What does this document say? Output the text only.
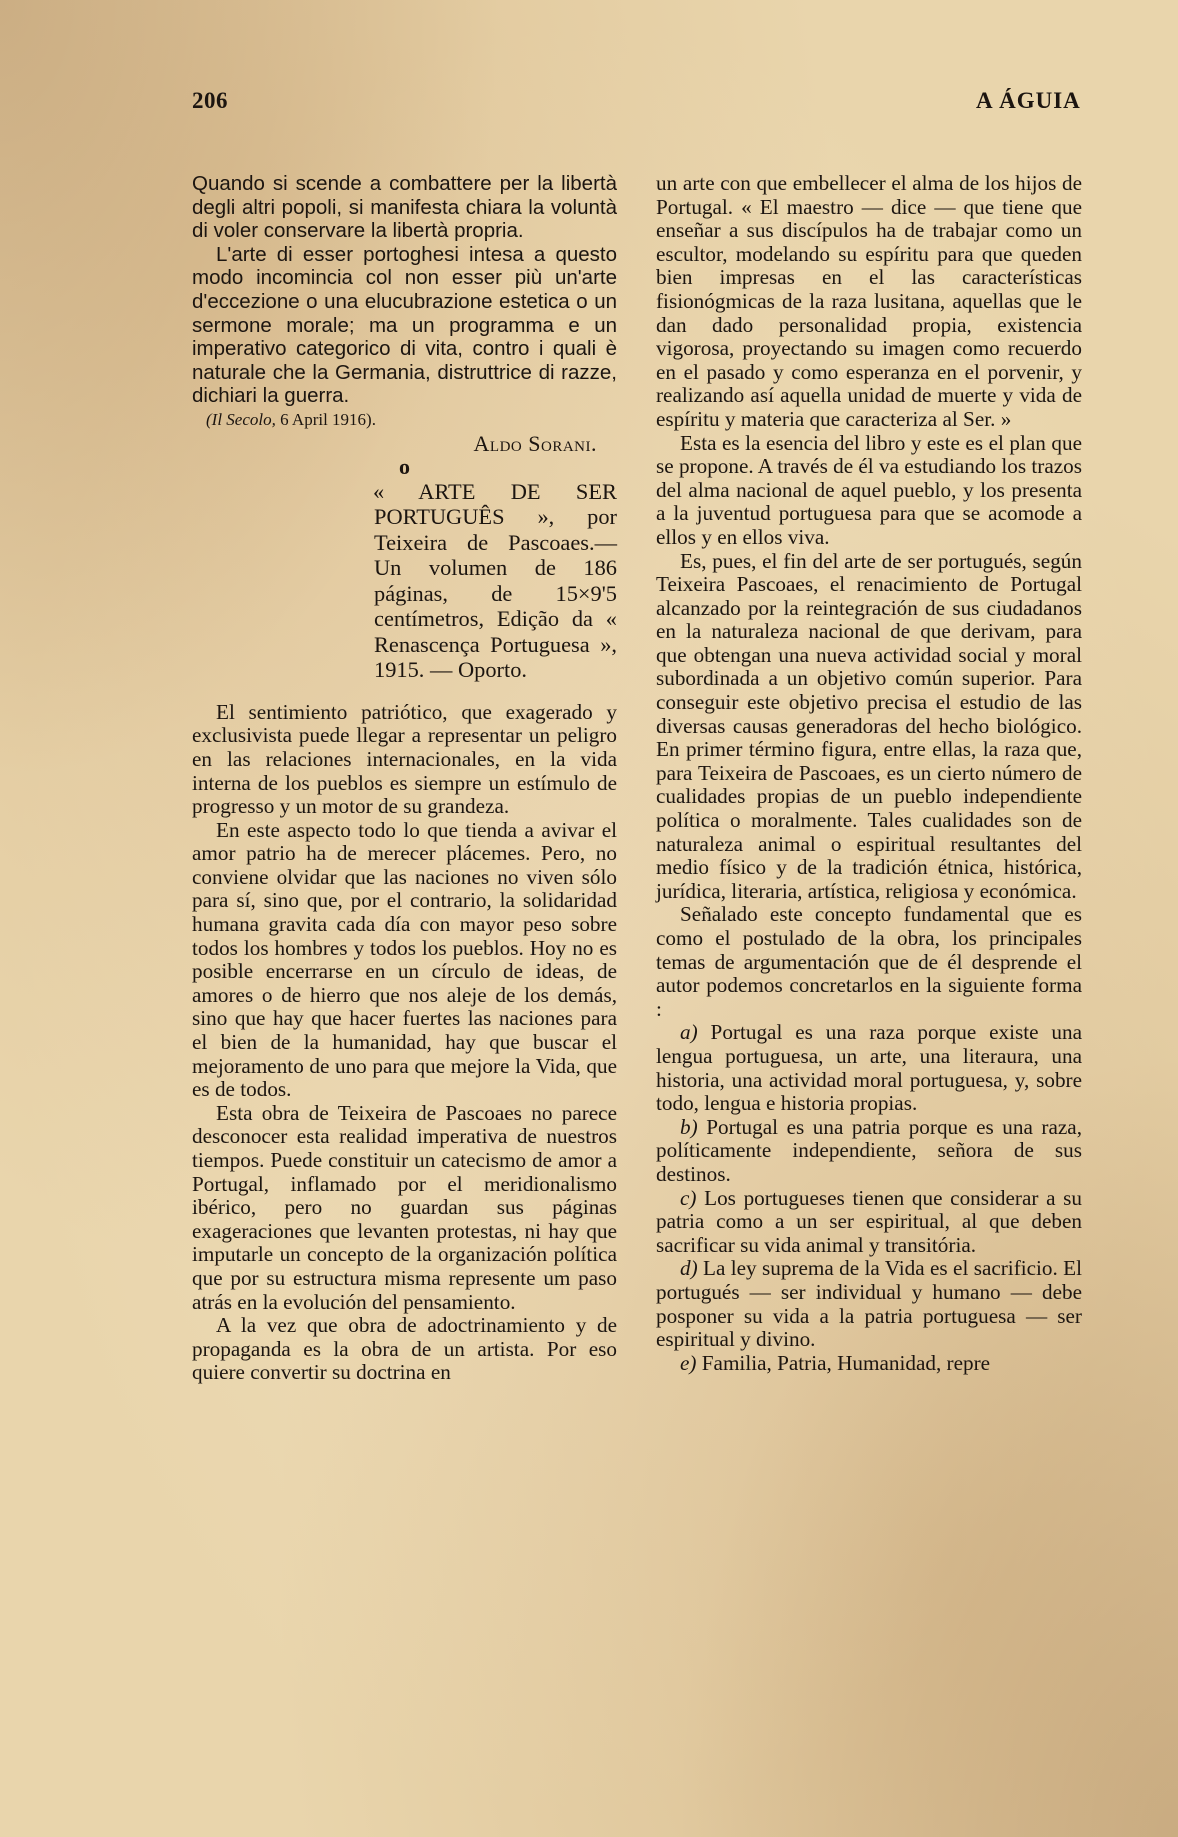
206	A ÁGUIA

Quando si scende a combattere per la libertà degli altri popoli, si manifesta chiara la voluntà di voler conservare la libertà propria.

L'arte di esser portoghesi intesa a questo modo incomincia col non esser più un'arte d'eccezione o una elucubrazione estetica o un sermone morale; ma un programma e un imperativo categorico di vita, contro i quali è naturale che la Germania, distruttrice di razze, dichiari la guerra.

(Il Secolo, 6 April 1916).

Aldo Sorani.

o

« ARTE DE SER PORTUGUÊS », por Teixeira de Pascoaes.— Un volumen de 186 páginas, de 15×9'5 centímetros, Edição da « Renascença Portuguesa », 1915. — Oporto.

El sentimiento patriótico, que exagerado y exclusivista puede llegar a representar un peligro en las relaciones internacionales, en la vida interna de los pueblos es siempre un estímulo de progresso y un motor de su grandeza.

En este aspecto todo lo que tienda a avivar el amor patrio ha de merecer plácemes. Pero, no conviene olvidar que las naciones no viven sólo para sí, sino que, por el contrario, la solidaridad humana gravita cada día con mayor peso sobre todos los hombres y todos los pueblos. Hoy no es posible encerrarse en un círculo de ideas, de amores o de hierro que nos aleje de los demás, sino que hay que hacer fuertes las naciones para el bien de la humanidad, hay que buscar el mejoramento de uno para que mejore la Vida, que es de todos.

Esta obra de Teixeira de Pascoaes no parece desconocer esta realidad imperativa de nuestros tiempos. Puede constituir un catecismo de amor a Portugal, inflamado por el meridionalismo ibérico, pero no guardan sus páginas exageraciones que levanten protestas, ni hay que imputarle un concepto de la organización política que por su estructura misma represente um paso atrás en la evolución del pensamiento.

A la vez que obra de adoctrinamiento y de propaganda es la obra de un artista. Por eso quiere convertir su doctrina en

un arte con que embellecer el alma de los hijos de Portugal. « El maestro — dice — que tiene que enseñar a sus discípulos ha de trabajar como un escultor, modelando su espíritu para que queden bien impresas en el las características fisionógmicas de la raza lusitana, aquellas que le dan dado personalidad propia, existencia vigorosa, proyectando su imagen como recuerdo en el pasado y como esperanza en el porvenir, y realizando así aquella unidad de muerte y vida de espíritu y materia que caracteriza al Ser. »

Esta es la esencia del libro y este es el plan que se propone. A través de él va estudiando los trazos del alma nacional de aquel pueblo, y los presenta a la juventud portuguesa para que se acomode a ellos y en ellos viva.

Es, pues, el fin del arte de ser portugués, según Teixeira Pascoaes, el renacimiento de Portugal alcanzado por la reintegración de sus ciudadanos en la naturaleza nacional de que derivam, para que obtengan una nueva actividad social y moral subordinada a un objetivo común superior. Para conseguir este objetivo precisa el estudio de las diversas causas generadoras del hecho biológico. En primer término figura, entre ellas, la raza que, para Teixeira de Pascoaes, es un cierto número de cualidades propias de un pueblo independiente política o moralmente. Tales cualidades son de naturaleza animal o espiritual resultantes del medio físico y de la tradición étnica, histórica, jurídica, literaria, artística, religiosa y económica.

Señalado este concepto fundamental que es como el postulado de la obra, los principales temas de argumentación que de él desprende el autor podemos concretarlos en la siguiente forma :

a) Portugal es una raza porque existe una lengua portuguesa, un arte, una literaura, una historia, una actividad moral portuguesa, y, sobre todo, lengua e historia propias.

b) Portugal es una patria porque es una raza, políticamente independiente, señora de sus destinos.

c) Los portugueses tienen que considerar a su patria como a un ser espiritual, al que deben sacrificar su vida animal y transitória.

d) La ley suprema de la Vida es el sacrificio. El portugués — ser individual y humano — debe posponer su vida a la patria portuguesa — ser espiritual y divino.

e) Familia, Patria, Humanidad, repre
